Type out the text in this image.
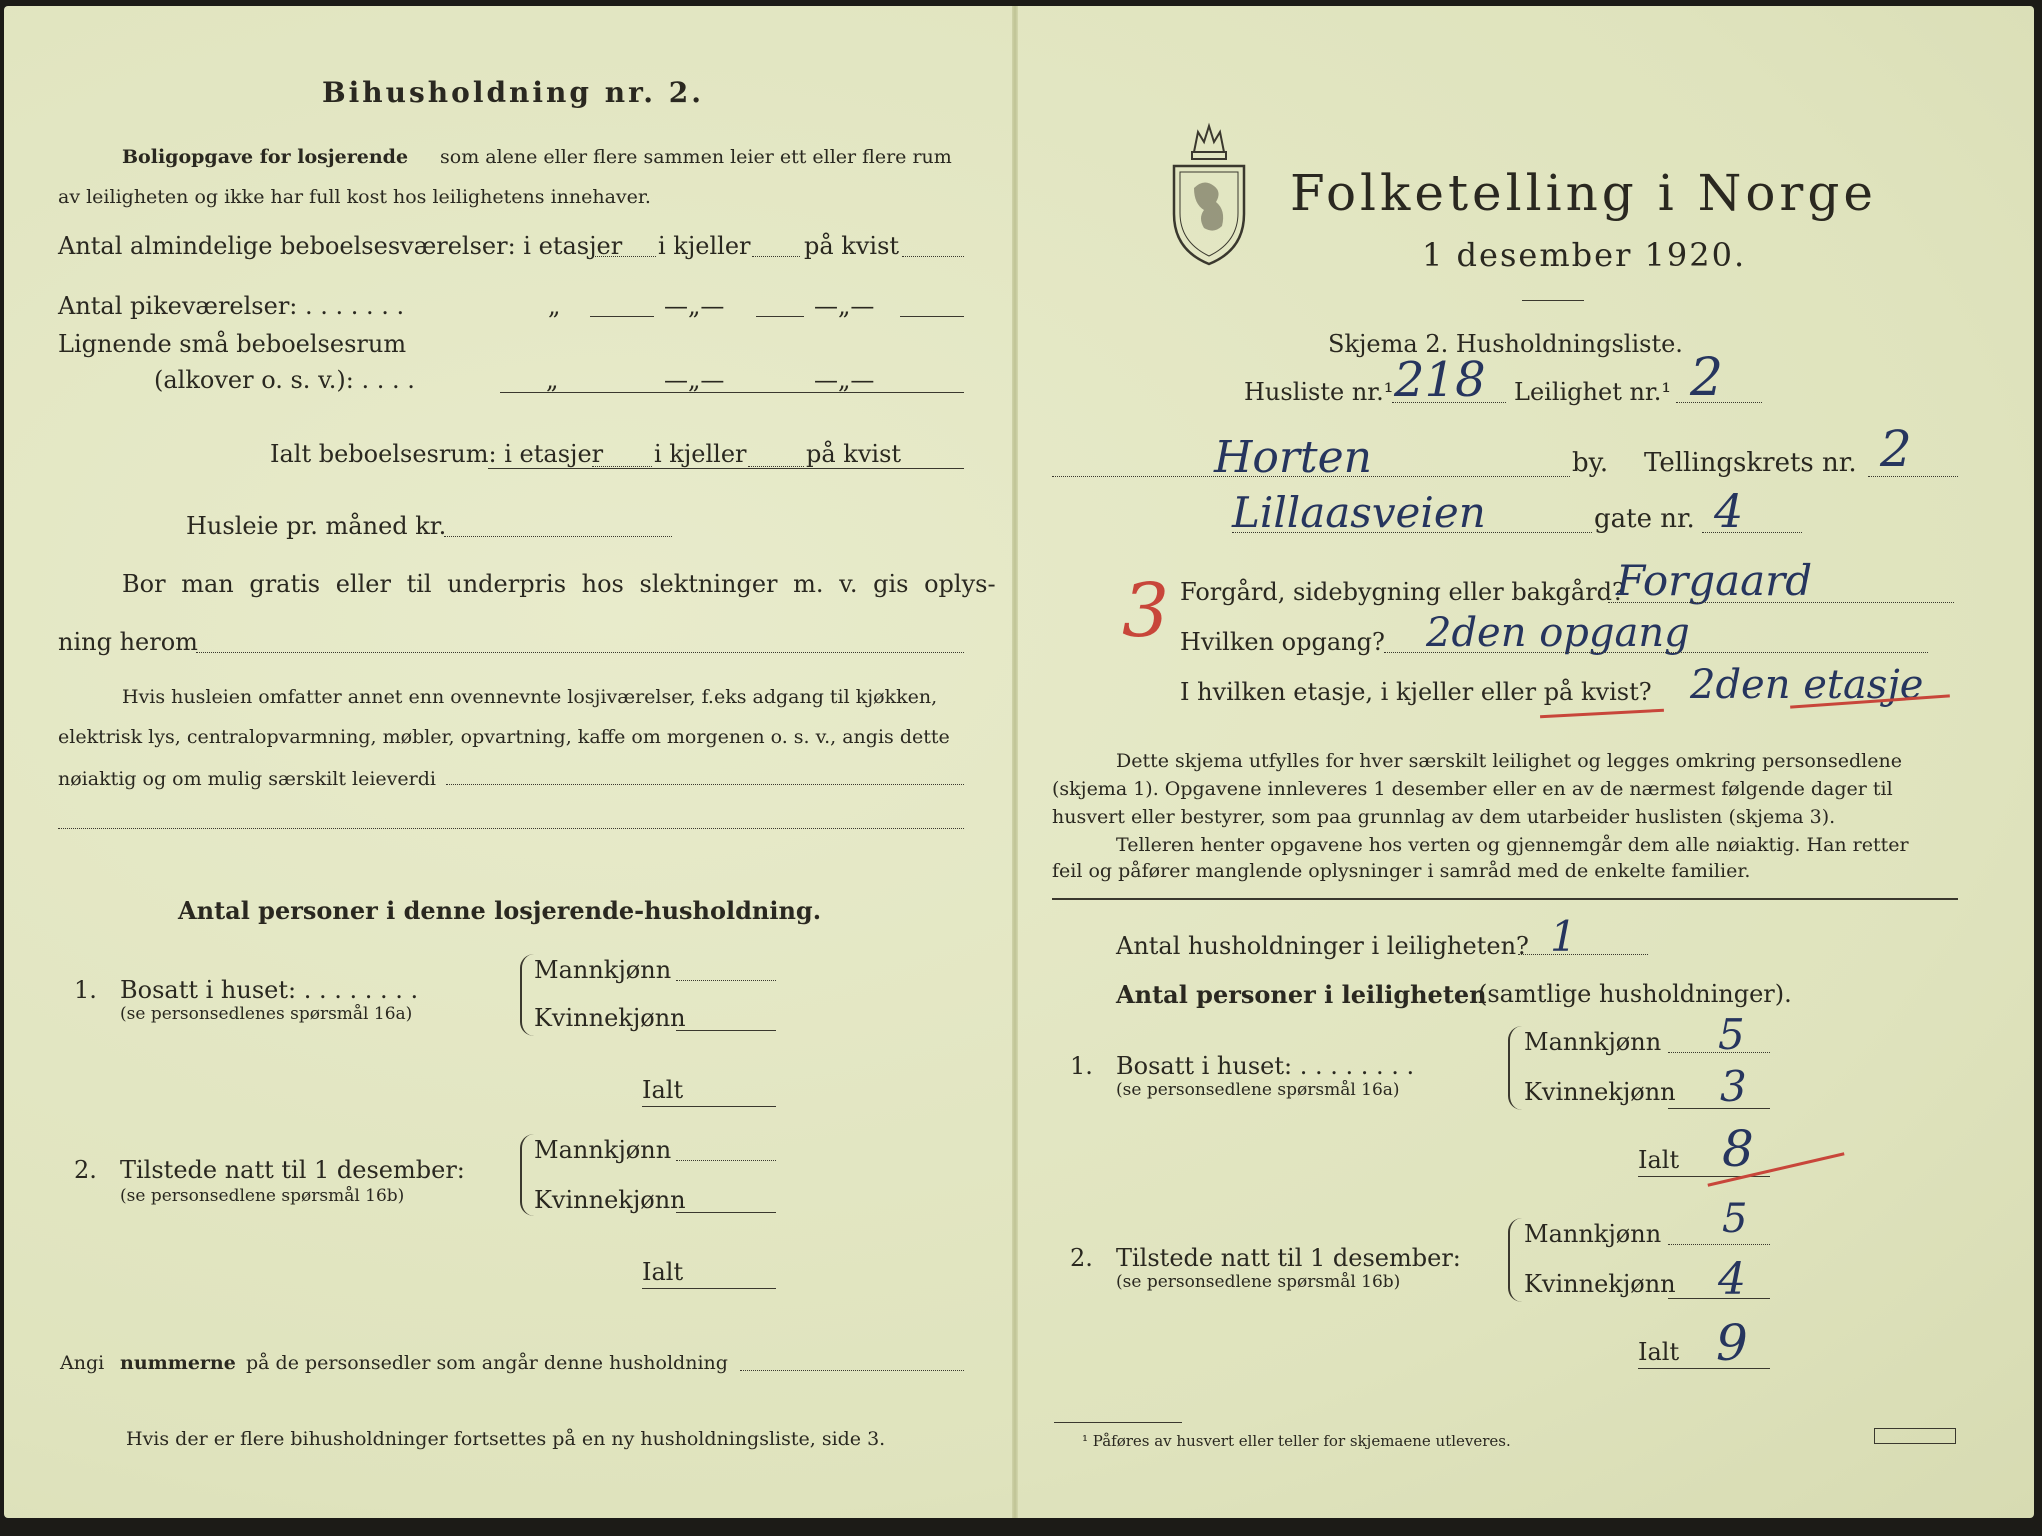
Bihusholdning nr. 2.
Boligopgave for losjerende som alene eller flere sammen leier ett eller flere rum
av leiligheten og ikke har full kost hos leilighetens innehaver.
Antal almindelige beboelsesværelser: i etasjer i kjeller på kvist
Antal pikeværelser: . . . . . . .	„	—„—	—„—
Lignende små beboelsesrum
(alkover o. s. v.): . . . .	„	—„—	—„—
Ialt beboelsesrum: i etasjer i kjeller på kvist
Husleie pr. måned kr.
Bor man gratis eller til underpris hos slektninger m. v. gis oplys-
ning herom
Hvis husleien omfatter annet enn ovennevnte losjiværelser, f.eks adgang til kjøkken,
elektrisk lys, centralopvarmning, møbler, opvartning, kaffe om morgenen o. s. v., angis dette
nøiaktig og om mulig særskilt leieverdi
Antal personer i denne losjerende-husholdning.
1. Bosatt i huset: . . . . . . . .
(se personsedlenes spørsmål 16a)
Mannkjønn
Kvinnekjønn
Ialt
2. Tilstede natt til 1 desember:
(se personsedlene spørsmål 16b)
Mannkjønn
Kvinnekjønn
Ialt
Angi nummerne på de personsedler som angår denne husholdning
Hvis der er flere bihusholdninger fortsettes på en ny husholdningsliste, side 3.
Folketelling i Norge
1 desember 1920.
Skjema 2. Husholdningsliste.
Husliste nr.¹ 218 Leilighet nr.¹ 2
Horten	by. Tellingskrets nr. 2
Lillaasveien	gate nr. 4
3 Forgård, sidebygning eller bakgård?
Forgaard
Hvilken opgang? 2den opgang
I hvilken etasje, i kjeller eller på kvist? 2den etasje
Dette skjema utfylles for hver særskilt leilighet og legges omkring personsedlene
(skjema 1). Opgavene innleveres 1 desember eller en av de nærmest følgende dager til
husvert eller bestyrer, som paa grunnlag av dem utarbeider huslisten (skjema 3).
Telleren henter opgavene hos verten og gjennemgår dem alle nøiaktig. Han retter
feil og påfører manglende oplysninger i samråd med de enkelte familier.
Antal husholdninger i leiligheten? 1
Antal personer i leiligheten
(samtlige husholdninger).
1. Bosatt i huset: . . . . . . . .
(se personsedlene spørsmål 16a)
Mannkjønn 5
Kvinnekjønn 3
Ialt 8
2. Tilstede natt til 1 desember:
(se personsedlene spørsmål 16b)
Mannkjønn 5
Kvinnekjønn 4
Ialt 9
¹ Påføres av husvert eller teller for skjemaene utleveres.
